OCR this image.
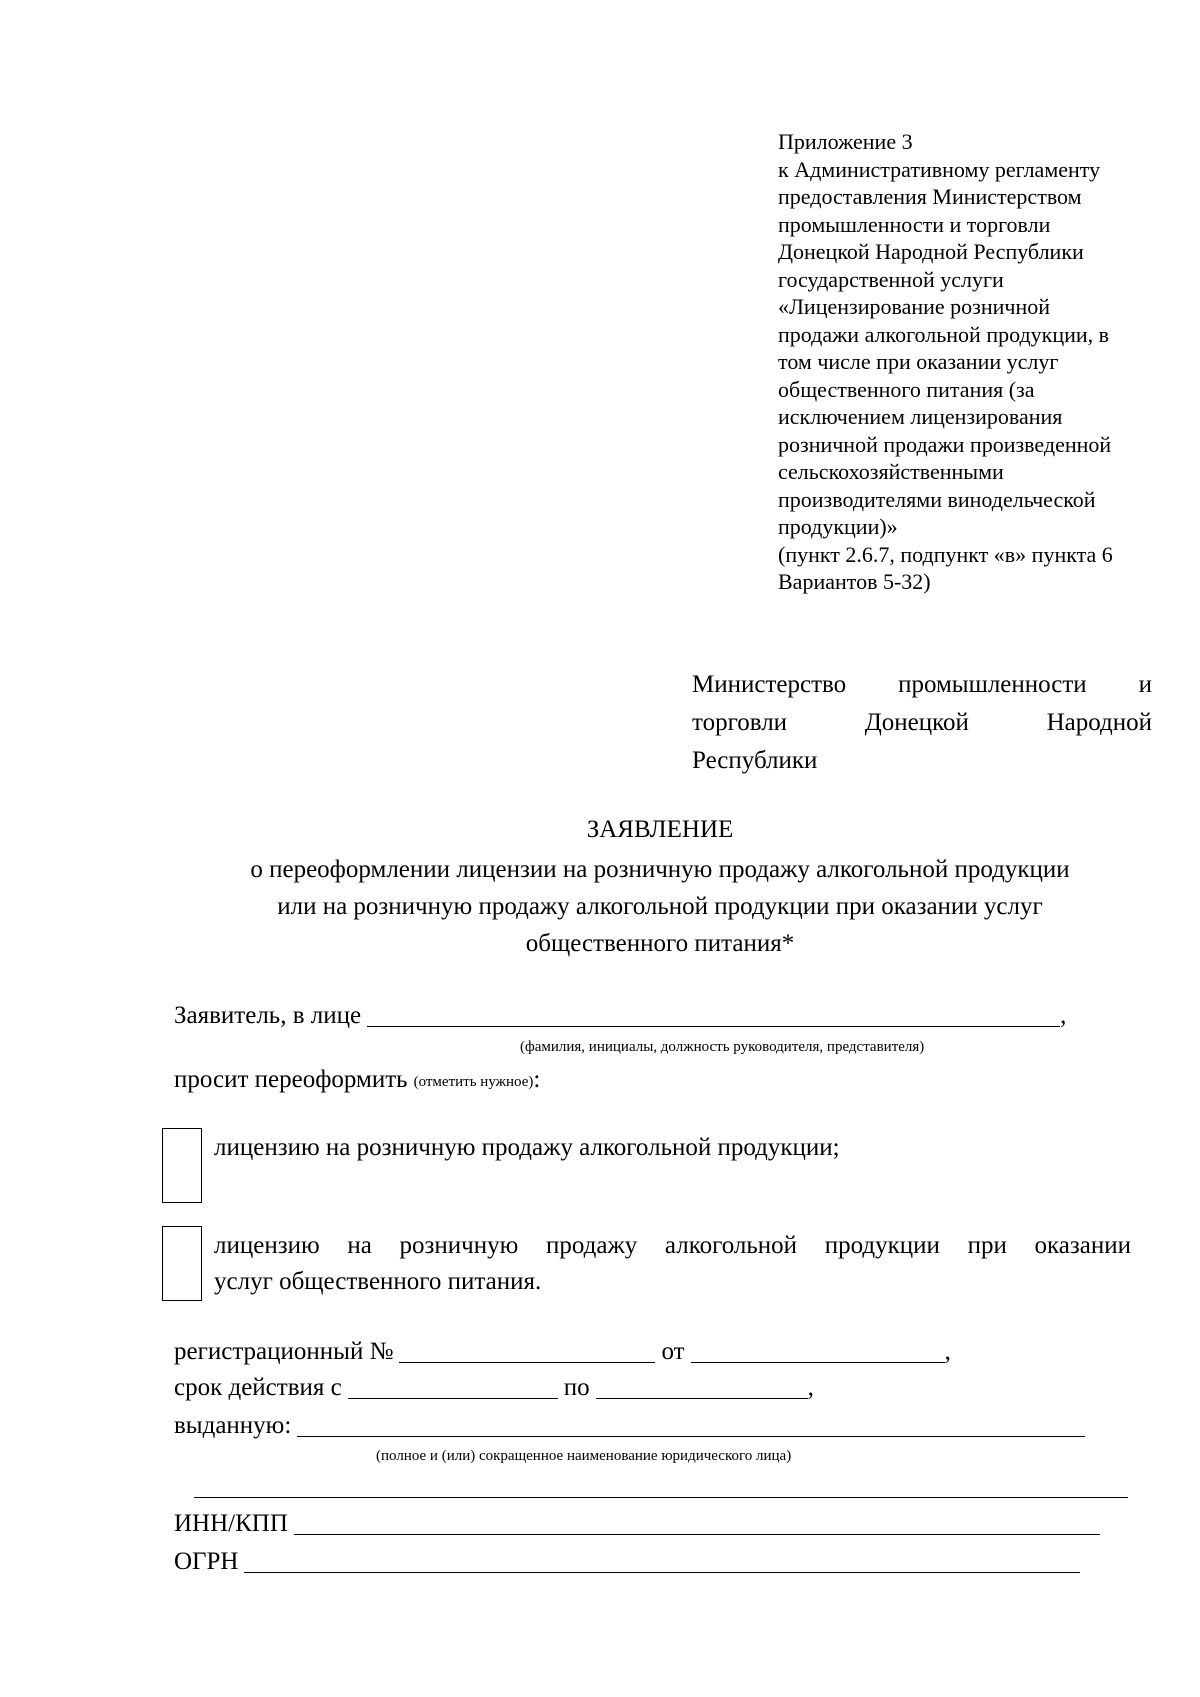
Приложение 3
к Административному регламенту
предоставления Министерством
промышленности и торговли
Донецкой Народной Республики
государственной услуги
«Лицензирование розничной
продажи алкогольной продукции, в
том числе при оказании услуг
общественного питания (за
исключением лицензирования
розничной продажи произведенной
сельскохозяйственными
производителями винодельческой
продукции)»
(пункт 2.6.7, подпункт «в» пункта 6
Вариантов 5-32)
Министерство промышленности и
торговли	Донецкой	Народной
Республики
ЗАЯВЛЕНИЕ
о переоформлении лицензии на розничную продажу алкогольной продукции
или на розничную продажу алкогольной продукции при оказании услуг
общественного питания*
Заявитель, в лице	,
(фамилия, инициалы, должность руководителя, представителя)
просит переоформить (отметить нужное) :
лицензию на розничную продажу алкогольной продукции;
лицензию на розничную продажу алкогольной продукции при оказании
услуг общественного питания.
регистрационный №	от	,
срок действия с	по	,
выданную:
(полное и (или) сокращенное наименование юридического лица)
ИНН/КПП
ОГРН
